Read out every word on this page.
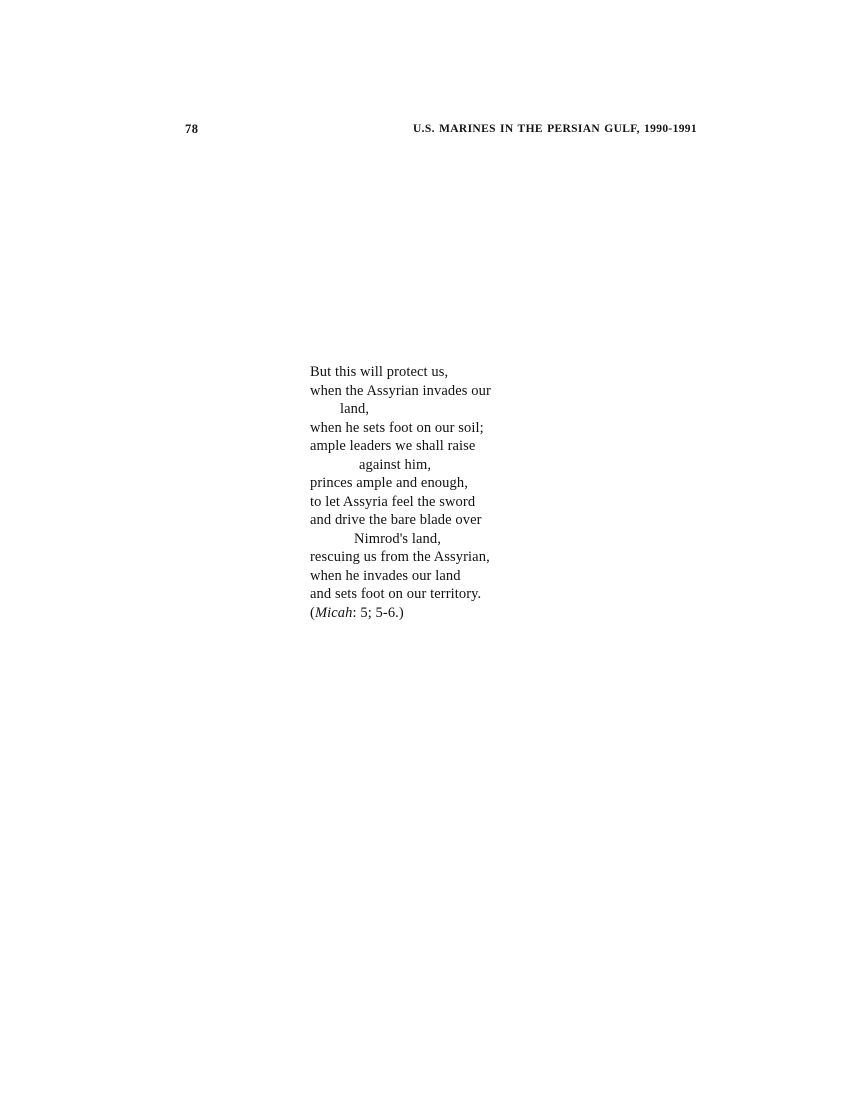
78	U.S. MARINES IN THE PERSIAN GULF, 1990-1991
But this will protect us,
when the Assyrian invades our
land,
when he sets foot on our soil;
ample leaders we shall raise
against him,
princes ample and enough,
to let Assyria feel the sword
and drive the bare blade over
Nimrod's land,
rescuing us from the Assyrian,
when he invades our land
and sets foot on our territory.
(Micah: 5; 5-6.)
